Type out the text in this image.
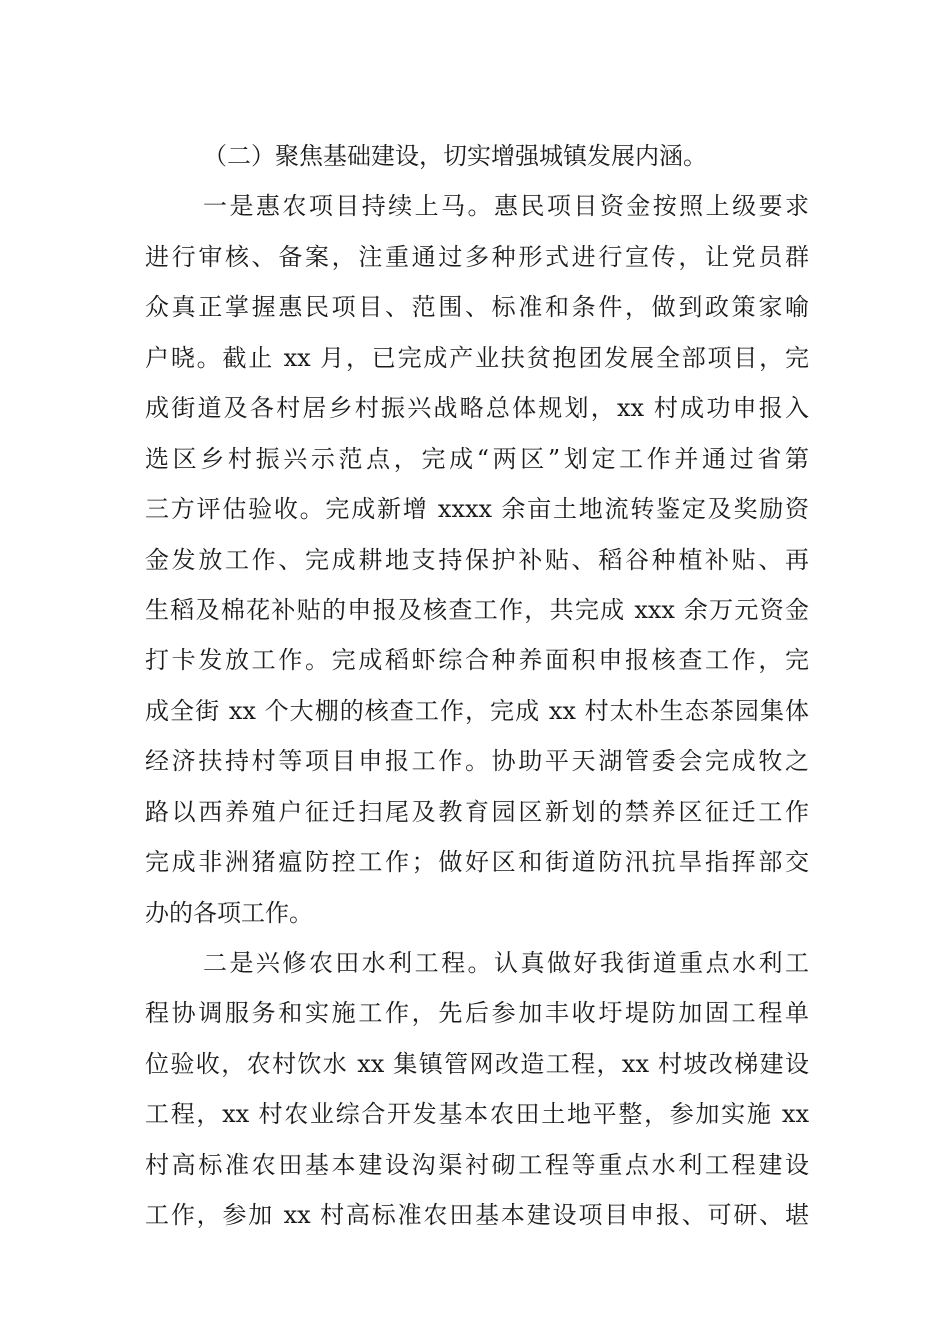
（二）聚焦基础建设，切实增强城镇发展内涵。
一是惠农项目持续上马。惠民项目资金按照上级要求
进行审核、备案，注重通过多种形式进行宣传，让党员群
众真正掌握惠民项目、范围、标准和条件，做到政策家喻
户晓。截止 xx 月，已完成产业扶贫抱团发展全部项目，完
成街道及各村居乡村振兴战略总体规划，xx 村成功申报入
选区乡村振兴示范点，完成“两区”划定工作并通过省第
三方评估验收。完成新增 xxxx 余亩土地流转鉴定及奖励资
金发放工作、完成耕地支持保护补贴、稻谷种植补贴、再
生稻及棉花补贴的申报及核查工作，共完成 xxx 余万元资金
打卡发放工作。完成稻虾综合种养面积申报核查工作，完
成全街 xx 个大棚的核查工作，完成 xx 村太朴生态茶园集体
经济扶持村等项目申报工作。协助平天湖管委会完成牧之
路以西养殖户征迁扫尾及教育园区新划的禁养区征迁工作
完成非洲猪瘟防控工作；做好区和街道防汛抗旱指挥部交
办的各项工作。
二是兴修农田水利工程。认真做好我街道重点水利工
程协调服务和实施工作，先后参加丰收圩堤防加固工程单
位验收，农村饮水 xx 集镇管网改造工程，xx 村坡改梯建设
工程，xx 村农业综合开发基本农田土地平整，参加实施 xx
村高标准农田基本建设沟渠衬砌工程等重点水利工程建设
工作，参加 xx 村高标准农田基本建设项目申报、可研、堪
